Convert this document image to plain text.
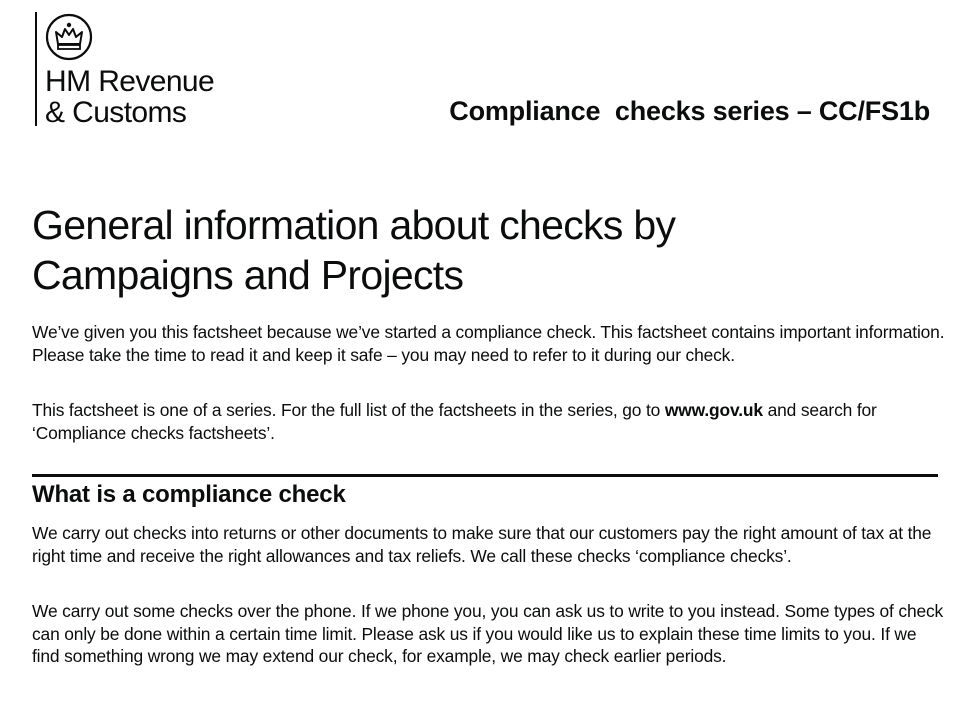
HM Revenue
& Customs	Compliance  checks series – CC/FS1b
General information about checks by
Campaigns and Projects

We’ve given you this factsheet because we’ve started a compliance check. This factsheet contains important information. Please take the time to read it and keep it safe – you may need to refer to it during our check.

This factsheet is one of a series. For the full list of the factsheets in the series, go to www.gov.uk and search for ‘Compliance checks factsheets’.

What is a compliance check

We carry out checks into returns or other documents to make sure that our customers pay the right amount of tax at the right time and receive the right allowances and tax reliefs. We call these checks ‘compliance checks’.

We carry out some checks over the phone. If we phone you, you can ask us to write to you instead. Some types of check can only be done within a certain time limit. Please ask us if you would like us to explain these time limits to you. If we find something wrong we may extend our check, for example, we may check earlier periods.
